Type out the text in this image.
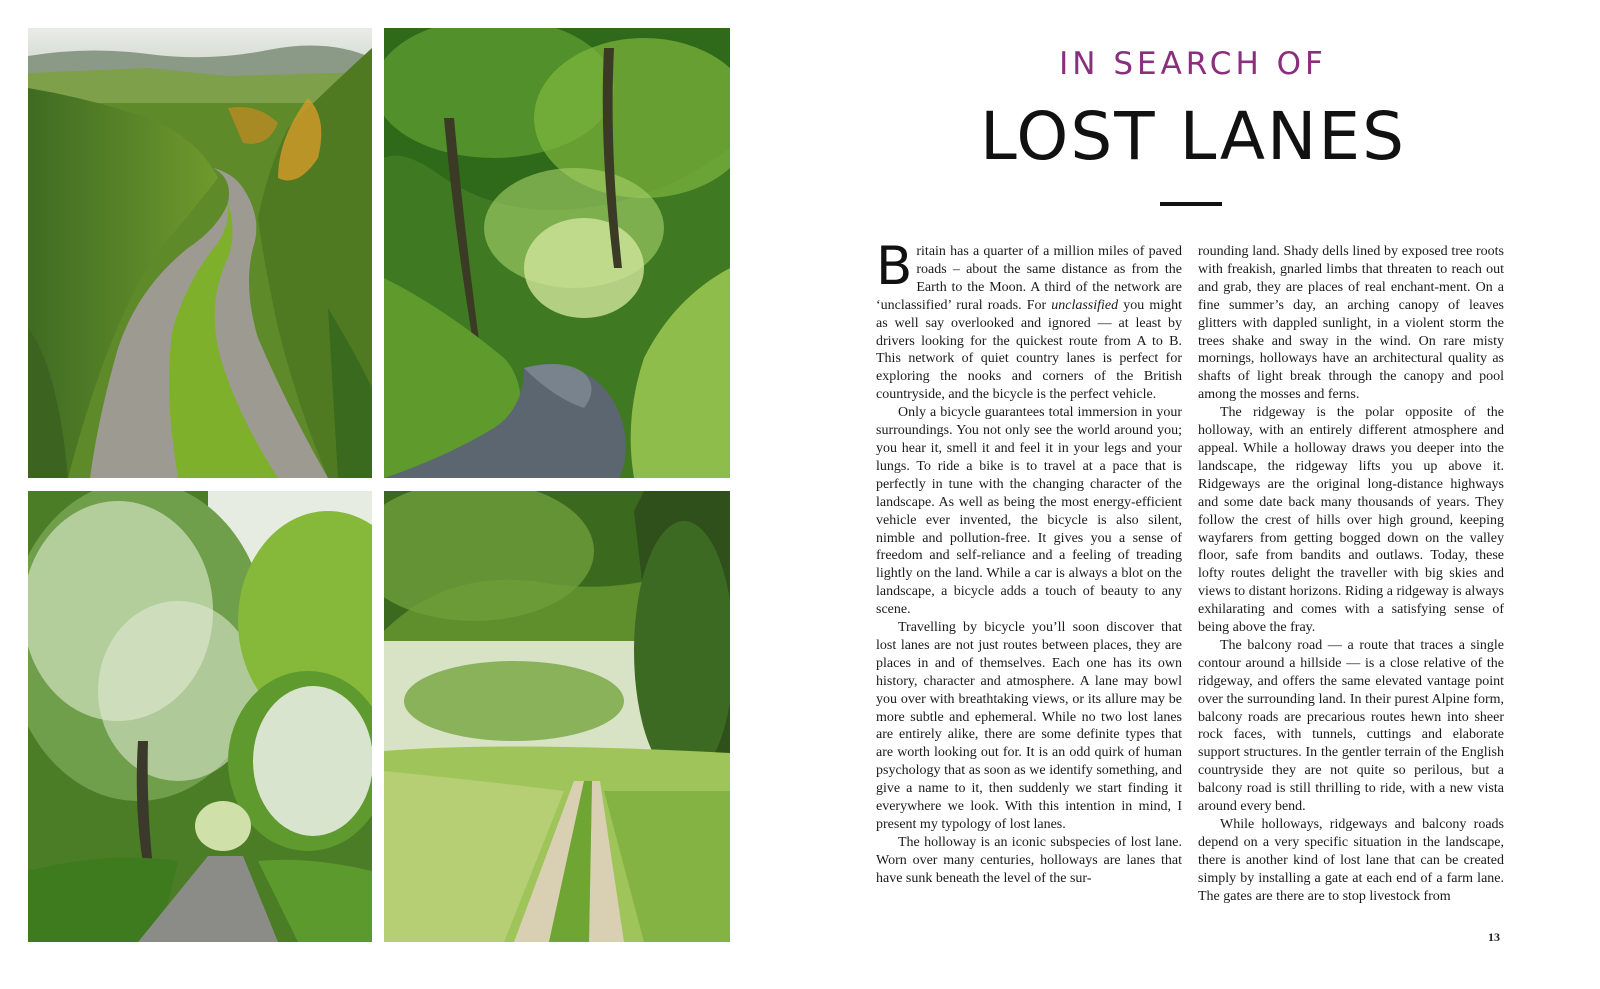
IN SEARCH OF
LOST LANES

Britain has a quarter of a million miles of paved roads – about the same distance as from the Earth to the Moon. A third of the network are ‘unclassified’ rural roads. For unclassified you might as well say overlooked and ignored — at least by drivers looking for the quickest route from A to B. This network of quiet country lanes is perfect for exploring the nooks and corners of the British countryside, and the bicycle is the perfect vehicle.

Only a bicycle guarantees total immersion in your surroundings. You not only see the world around you; you hear it, smell it and feel it in your legs and your lungs. To ride a bike is to travel at a pace that is perfectly in tune with the changing character of the landscape. As well as being the most energy-efficient vehicle ever invented, the bicycle is also silent, nimble and pollution-free. It gives you a sense of freedom and self-reliance and a feeling of treading lightly on the land. While a car is always a blot on the landscape, a bicycle adds a touch of beauty to any scene.

Travelling by bicycle you’ll soon discover that lost lanes are not just routes between places, they are places in and of themselves. Each one has its own history, character and atmosphere. A lane may bowl you over with breathtaking views, or its allure may be more subtle and ephemeral. While no two lost lanes are entirely alike, there are some definite types that are worth looking out for. It is an odd quirk of human psychology that as soon as we identify something, and give a name to it, then suddenly we start finding it everywhere we look. With this intention in mind, I present my typology of lost lanes.

The holloway is an iconic subspecies of lost lane. Worn over many centuries, holloways are lanes that have sunk beneath the level of the sur-

rounding land. Shady dells lined by exposed tree roots with freakish, gnarled limbs that threaten to reach out and grab, they are places of real enchant-ment. On a fine summer’s day, an arching canopy of leaves glitters with dappled sunlight, in a violent storm the trees shake and sway in the wind. On rare misty mornings, holloways have an architectural quality as shafts of light break through the canopy and pool among the mosses and ferns.

The ridgeway is the polar opposite of the holloway, with an entirely different atmosphere and appeal. While a holloway draws you deeper into the landscape, the ridgeway lifts you up above it. Ridgeways are the original long-distance highways and some date back many thousands of years. They follow the crest of hills over high ground, keeping wayfarers from getting bogged down on the valley floor, safe from bandits and outlaws. Today, these lofty routes delight the traveller with big skies and views to distant horizons. Riding a ridgeway is always exhilarating and comes with a satisfying sense of being above the fray.

The balcony road — a route that traces a single contour around a hillside — is a close relative of the ridgeway, and offers the same elevated vantage point over the surrounding land. In their purest Alpine form, balcony roads are precarious routes hewn into sheer rock faces, with tunnels, cuttings and elaborate support structures. In the gentler terrain of the English countryside they are not quite so perilous, but a balcony road is still thrilling to ride, with a new vista around every bend.

While holloways, ridgeways and balcony roads depend on a very specific situation in the landscape, there is another kind of lost lane that can be created simply by installing a gate at each end of a farm lane. The gates are there are to stop livestock from

13
